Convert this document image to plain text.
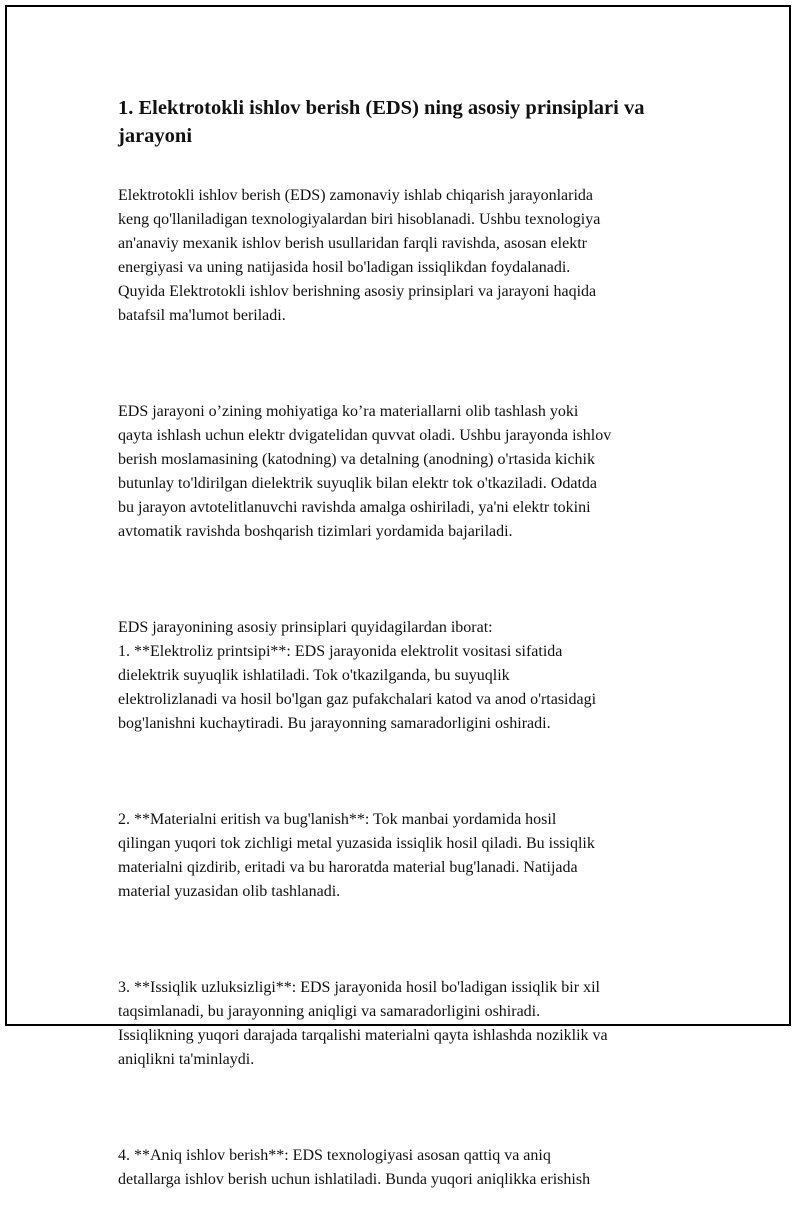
1. Elektrotokli ishlov berish (EDS) ning asosiy prinsiplari va jarayoni

Elektrotokli ishlov berish (EDS) zamonaviy ishlab chiqarish jarayonlarida
keng qo'llaniladigan texnologiyalardan biri hisoblanadi. Ushbu texnologiya
an'anaviy mexanik ishlov berish usullaridan farqli ravishda, asosan elektr
energiyasi va uning natijasida hosil bo'ladigan issiqlikdan foydalanadi.
Quyida Elektrotokli ishlov berishning asosiy prinsiplari va jarayoni haqida
batafsil ma'lumot beriladi.

EDS jarayoni o’zining mohiyatiga ko’ra materiallarni olib tashlash yoki
qayta ishlash uchun elektr dvigatelidan quvvat oladi. Ushbu jarayonda ishlov
berish moslamasining (katodning) va detalning (anodning) o'rtasida kichik
butunlay to'ldirilgan dielektrik suyuqlik bilan elektr tok o'tkaziladi. Odatda
bu jarayon avtotelitlanuvchi ravishda amalga oshiriladi, ya'ni elektr tokini
avtomatik ravishda boshqarish tizimlari yordamida bajariladi.

EDS jarayonining asosiy prinsiplari quyidagilardan iborat:
1. **Elektroliz printsipi**: EDS jarayonida elektrolit vositasi sifatida
dielektrik suyuqlik ishlatiladi. Tok o'tkazilganda, bu suyuqlik
elektrolizlanadi va hosil bo'lgan gaz pufakchalari katod va anod o'rtasidagi
bog'lanishni kuchaytiradi. Bu jarayonning samaradorligini oshiradi.

2. **Materialni eritish va bug'lanish**: Tok manbai yordamida hosil
qilingan yuqori tok zichligi metal yuzasida issiqlik hosil qiladi. Bu issiqlik
materialni qizdirib, eritadi va bu haroratda material bug'lanadi. Natijada
material yuzasidan olib tashlanadi.

3. **Issiqlik uzluksizligi**: EDS jarayonida hosil bo'ladigan issiqlik bir xil
taqsimlanadi, bu jarayonning aniqligi va samaradorligini oshiradi.
Issiqlikning yuqori darajada tarqalishi materialni qayta ishlashda noziklik va
aniqlikni ta'minlaydi.

4. **Aniq ishlov berish**: EDS texnologiyasi asosan qattiq va aniq
detallarga ishlov berish uchun ishlatiladi. Bunda yuqori aniqlikka erishish
